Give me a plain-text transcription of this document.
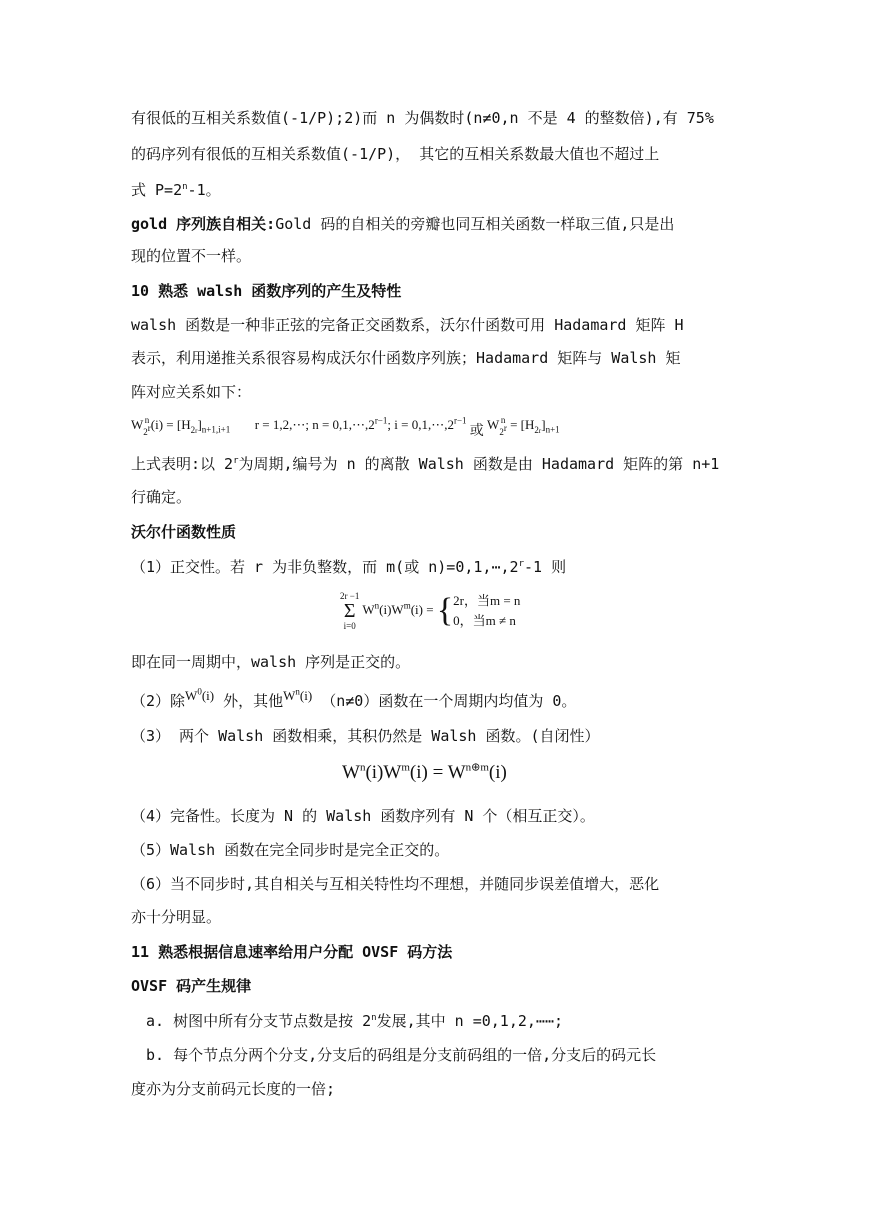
有很低的互相关系数值(-1/P);2)而 n 为偶数时(n≠0,n 不是 4 的整数倍),有 75%
的码序列有很低的互相关系数值(-1/P)， 其它的互相关系数最大值也不超过上
式 $P=2^n-1$。
gold 序列族自相关:Gold 码的自相关的旁瓣也同互相关函数一样取三值,只是出
现的位置不一样。
10 熟悉 walsh 函数序列的产生及特性
walsh 函数是一种非正弦的完备正交函数系，沃尔什函数可用 Hadamard 矩阵 H
表示，利用递推关系很容易构成沃尔什函数序列族；Hadamard 矩阵与 Walsh 矩
阵对应关系如下：
W n
$2^r(i) = [H_{2r}]_{n+1,i+1}$ r = 1,2,⋯; $n = 0,1,\cdots,2^{r-1}$; $i = 0,1,\cdots,2^{r-1}$ 或 W n
$2^r = [H_{2r}]_{n+1}$
上式表明:以 2$^r$为周期,编号为 n 的离散 Walsh 函数是由 Hadamard 矩阵的第 n+1
行确定。
沃尔什函数性质
（1）正交性。若 r 为非负整数，而 m(或 $n)=0,1,\cdots,2^r-1$ 则
2r −1
Σ
i=0 $W^n(i)W^m(i) = \{2r$，当m = n
0，当m ≠ n
即在同一周期中，walsh 序列是正交的。
（2）除$W^0(i)$ 外，其他$W^n(i)$ （n≠0）函数在一个周期内均值为 0。
（3） 两个 Walsh 函数相乘，其积仍然是 Walsh 函数。(自闭性）
$W^n(i)W^m(i) = W^{n\oplus m}(i)$
（4）完备性。长度为 N 的 Walsh 函数序列有 N 个（相互正交）。
（5）Walsh 函数在完全同步时是完全正交的。
（6）当不同步时,其自相关与互相关特性均不理想，并随同步误差值增大，恶化
亦十分明显。
11 熟悉根据信息速率给用户分配 OVSF 码方法
OVSF 码产生规律
a. 树图中所有分支节点数是按 2$^n$发展,其中 n =0,1,2,⋯⋯;
b. 每个节点分两个分支,分支后的码组是分支前码组的一倍,分支后的码元长
度亦为分支前码元长度的一倍;
